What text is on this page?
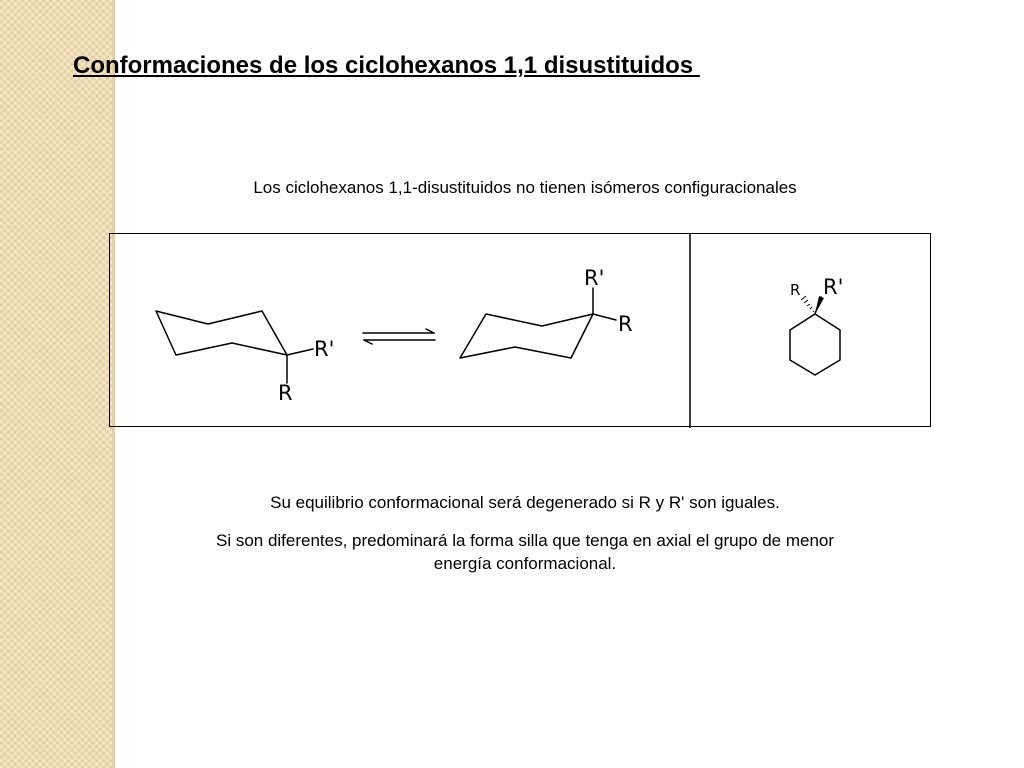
Conformaciones de los ciclohexanos 1,1 disustituidos
Los ciclohexanos 1,1-disustituidos no tienen isómeros configuracionales
R'
R
R'
R
R R'
Su equilibrio conformacional será degenerado si R y R' son iguales.
Si son diferentes, predominará la forma silla que tenga en axial el grupo de menor
energía conformacional.
